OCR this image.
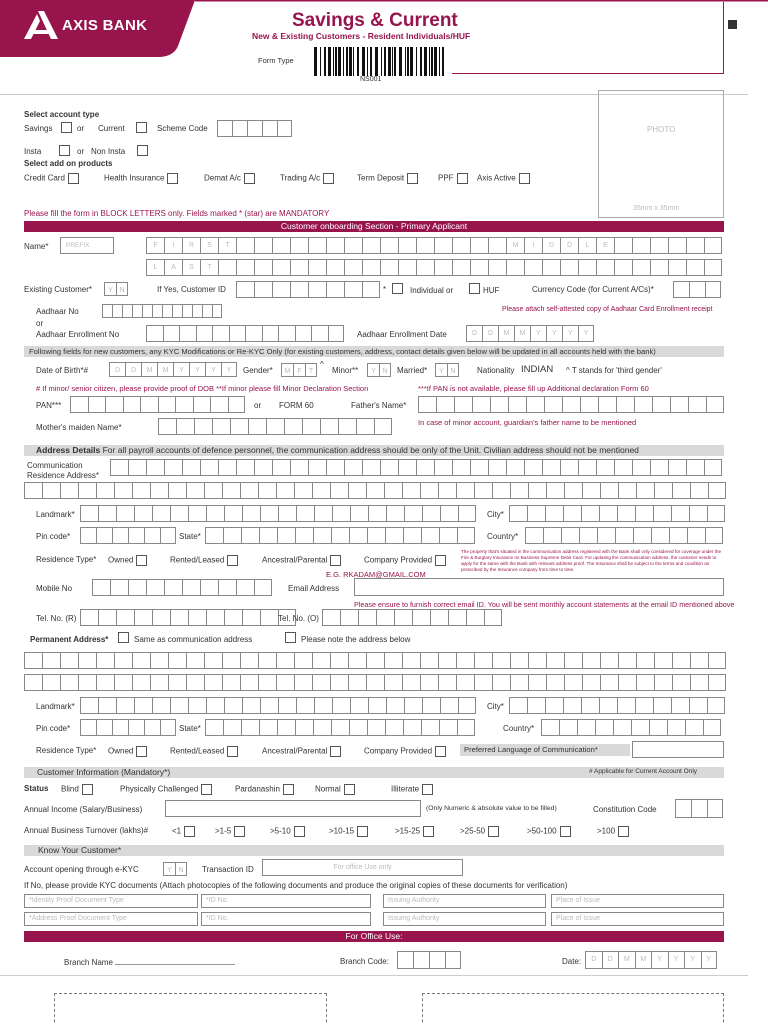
AXIS BANK	Savings & Current
New & Existing Customers - Resident Individuals/HUF
Form Type
NS001
PHOTO
35mm x 35mm
Select account type
Savings	or Current	Scheme Code
Insta	or Non Insta
Select add on products
Credit Card	Health Insurance	Demat A/c	Trading A/c	Term Deposit	PPF	Axis Active
Please fill the form in BLOCK LETTERS only. Fields marked * (star) are MANDATORY
Customer onboarding Section - Primary Applicant
Name*	PREFIX	F	I	R	S	T	M	I	D	D	L	E
L	A	S	T
Existing Customer*	Y N	If Yes, Customer ID	*	Individual or	HUF	Currency Code (for Current A/Cs)*
Aadhaar No	Please attach self-attested copy of Aadhaar Card Enrollment receipt
or
Aadhaar Enrollment No	Aadhaar Enrollment Date	D	D	M	M	Y	Y	Y	Y
Following fields for new customers, any KYC Modifications or Re-KYC Only (for existing customers, address, contact details given below will be updated in all accounts held with the bank)
Date of Birth*#	D	D	M	M	Y	Y	Y	Y	Gender*	M F	T
^
Minor**	Y N	Married*	Y N	Nationality INDIAN ^ T stands for 'third gender'
# If minor/ senior citizen, please provide proof of DOB **If minor please fill Minor Declaration Section	***If PAN is not available, please fill up Additional declaration Form 60
PAN***	or FORM 60	Father's Name*
In case of minor account, guardian's father name to be mentioned
Mother's maiden Name*
Address Details For all payroll accounts of defence personnel, the communication address should be only of the Unit. Civilian address should not be mentioned
Communication
Residence Address*
Landmark*	City*
Pin code*	State*	Country*
Residence Type* Owned	Rented/Leased	Ancestral/Parental	Company Provided
The property that's situated in the communication address registered with the Bank shall only considered for coverage under the Fire & Burglary Insurance on Business Supreme Debit Card. For updating the communication address, the customer needs to apply for the same with the Bank with relevant address proof. The Insurance shall be subject to the terms and condition as prescribed by the Insurance company from time to time.
Mobile No	Email Address
E.G. RKADAM@GMAIL.COM
Please ensure to furnish correct email ID. You will be sent monthly account statements at the email ID mentioned above
Tel. No. (R)	Tel. No. (O)
Permanent Address*	Same as communication address	Please note the address below
Landmark*	City*
Pin code*	State*	Country*
Residence Type* Owned	Rented/Leased	Ancestral/Parental	Company Provided	Preferred Language of Communication*
Customer Information (Mandatory*)	# Applicable for Current Account Only
Status Blind	Physically Challenged	Pardanashin	Normal	Illiterate
Annual Income (Salary/Business)	(Only Numeric & absolute value to be filled)	Constitution Code
Annual Business Turnover (lakhs)#	<1	>1-5	>5-10	>10-15	>15-25	>25-50	>50-100	>100
Know Your Customer*
Account opening through e-KYC	Y N	Transaction ID	For office Use only
If No, please provide KYC documents (Attach photocopies of the following documents and produce the original copies of these documents for verification)
*Identity Proof Document Type	*ID No.	Issuing Authority	Place of Issue
*Address Proof Document Type	*ID No.	Issuing Authority	Place of Issue
For Office Use:
Branch Name	Branch Code:	Date:	D	D	M	M	Y	Y	Y	Y
